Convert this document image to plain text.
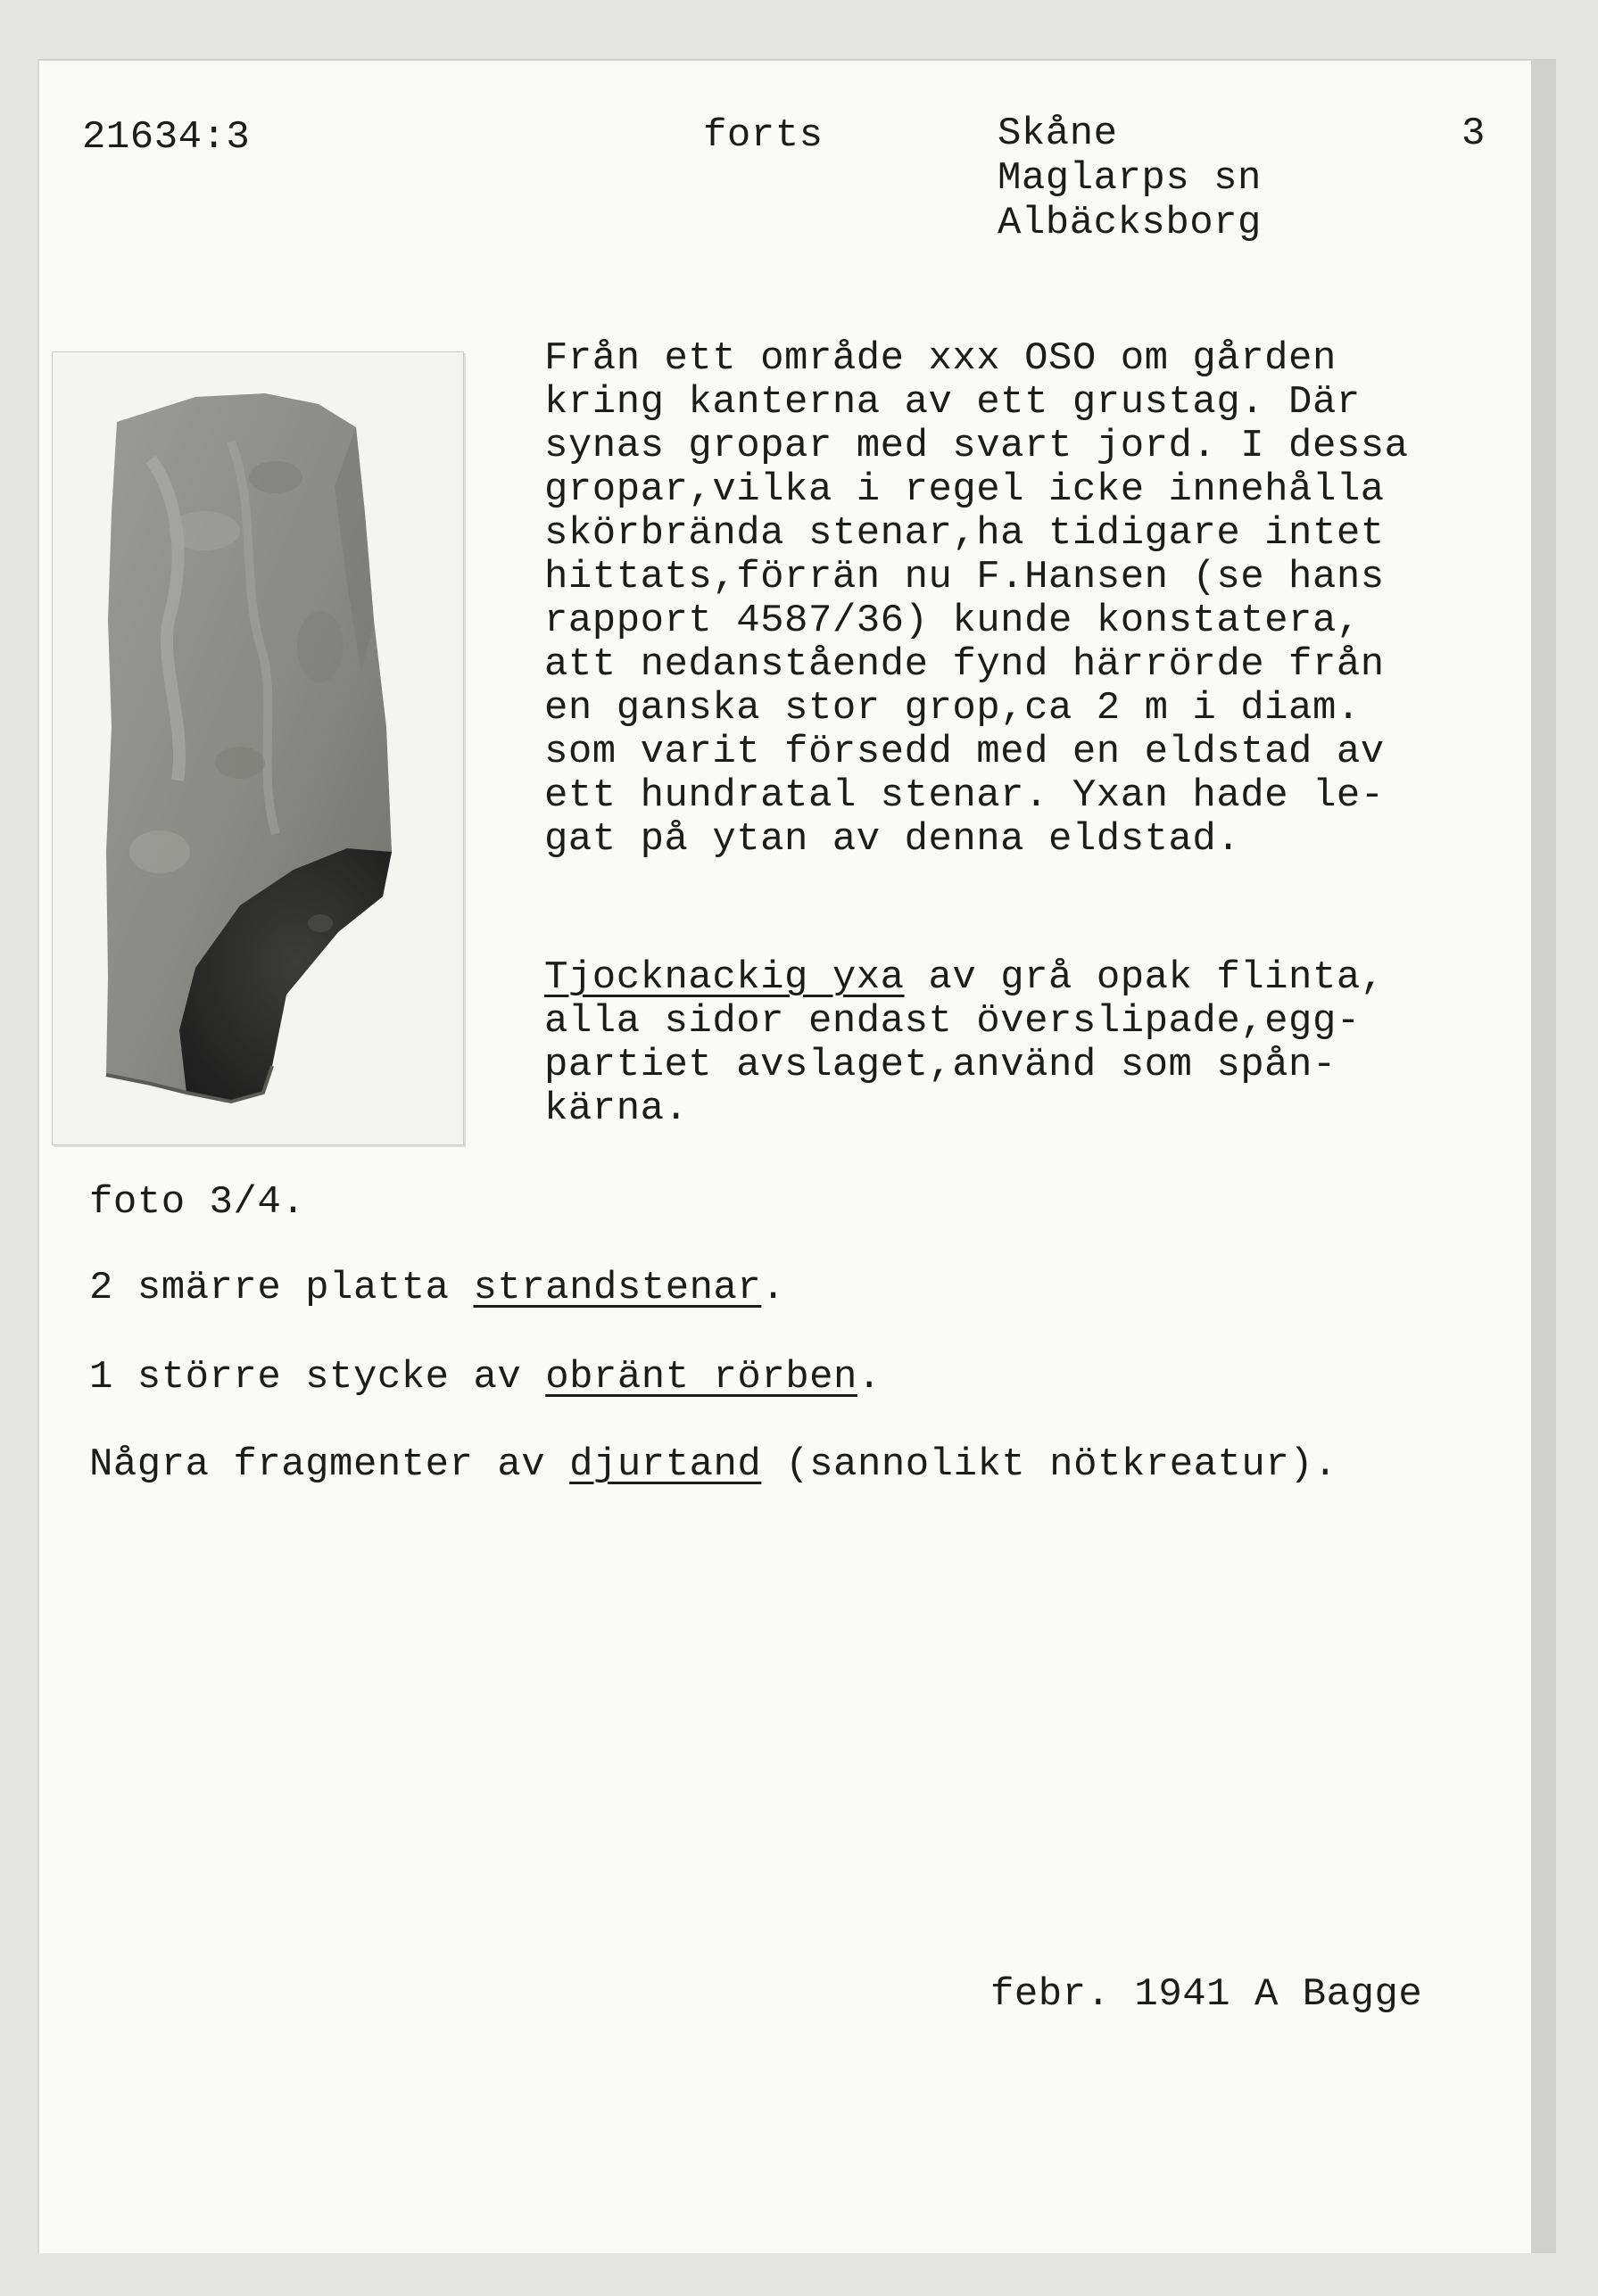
21634:3	forts	Skåne
Maglarps sn
Albäcksborg
3
Från ett område xxx OSO om gården
kring kanterna av ett grustag. Där
synas gropar med svart jord. I dessa
gropar,vilka i regel icke innehålla
skörbrända stenar,ha tidigare intet
hittats,förrän nu F.Hansen (se hans
rapport 4587/36) kunde konstatera,
att nedanstående fynd härrörde från
en ganska stor grop,ca 2 m i diam.
som varit försedd med en eldstad av
ett hundratal stenar. Yxan hade le-
gat på ytan av denna eldstad.
Tjocknackig yxa av grå opak flinta,
alla sidor endast överslipade,egg-
partiet avslaget,använd som spån-
kärna.
foto 3/4.
2 smärre platta strandstenar.
1 större stycke av obränt rörben.
Några fragmenter av djurtand (sannolikt nötkreatur).
febr. 1941 A Bagge
